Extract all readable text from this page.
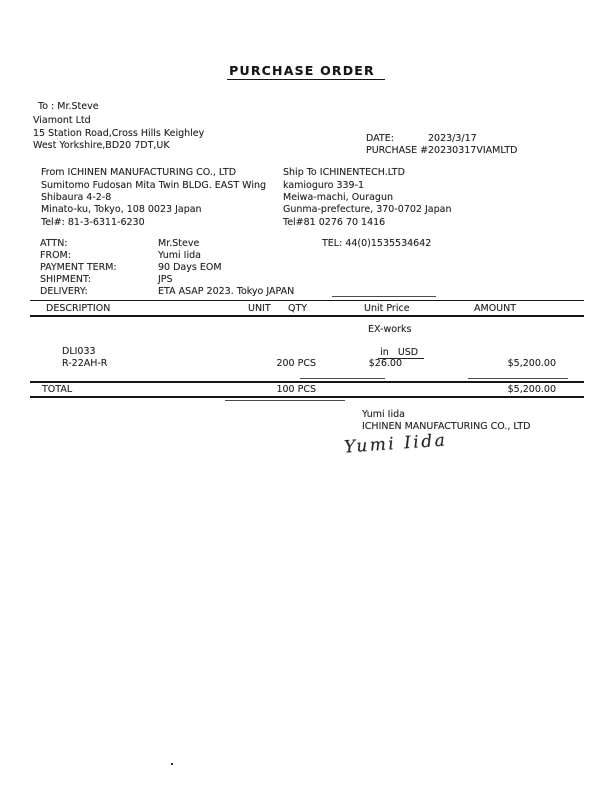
PURCHASE ORDER
To : Mr.Steve
Viamont Ltd
15 Station Road,Cross Hills Keighley
West Yorkshire,BD20 7DT,UK
DATE:	2023/3/17
PURCHASE # 20230317VIAMLTD
From ICHINEN MANUFACTURING CO., LTD
Sumitomo Fudosan Mita Twin BLDG. EAST Wing
Shibaura 4-2-8
Minato-ku, Tokyo, 108 0023 Japan
Tel#: 81-3-6311-6230
Ship To ICHINENTECH.LTD
kamioguro 339-1
Meiwa-machi, Ouragun
Gunma-prefecture, 370-0702 Japan
Tel#81 0276 70 1416
ATTN:	Mr.Steve	TEL: 44(0)1535534642
FROM:	Yumi Iida
PAYMENT TERM:	90 Days EOM
SHIPMENT:	JPS
DELIVERY:	ETA ASAP 2023. Tokyo JAPAN
DESCRIPTION	UNIT QTY	Unit Price	AMOUNT
EX-works

in   USD

DLI033
R-22AH-R	200 PCS	$26.00	$5,200.00
TOTAL	100 PCS	$5,200.00
Yumi Iida
ICHINEN MANUFACTURING CO., LTD
Yumi Iida
